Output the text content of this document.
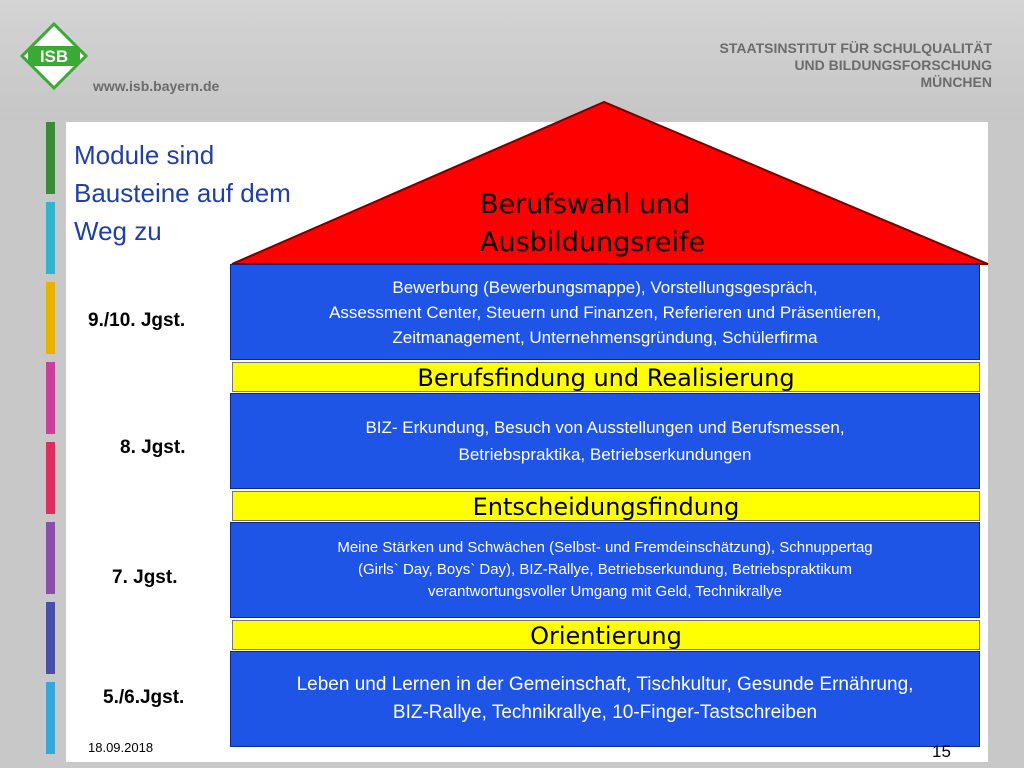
ISB
www.isb.bayern.de
STAATSINSTITUT FÜR SCHULQUALITÄT
UND BILDUNGSFORSCHUNG
MÜNCHEN
Module sind
Bausteine auf dem
Weg zu
Berufswahl und
Ausbildungsreife
Bewerbung (Bewerbungsmappe), Vorstellungsgespräch,
Assessment Center, Steuern und Finanzen, Referieren und Präsentieren,
Zeitmanagement, Unternehmensgründung, Schülerfirma
Berufsfindung und Realisierung
BIZ- Erkundung, Besuch von Ausstellungen und Berufsmessen,
Betriebspraktika, Betriebserkundungen
Entscheidungsfindung
Meine Stärken und Schwächen (Selbst- und Fremdeinschätzung), Schnuppertag
(Girls` Day, Boys` Day), BIZ-Rallye, Betriebserkundung, Betriebspraktikum
verantwortungsvoller Umgang mit Geld, Technikrallye
Orientierung
Leben und Lernen in der Gemeinschaft, Tischkultur, Gesunde Ernährung,
BIZ-Rallye, Technikrallye, 10-Finger-Tastschreiben
9./10. Jgst.
8. Jgst.
7. Jgst.
5./6.Jgst.
18.09.2018	15
